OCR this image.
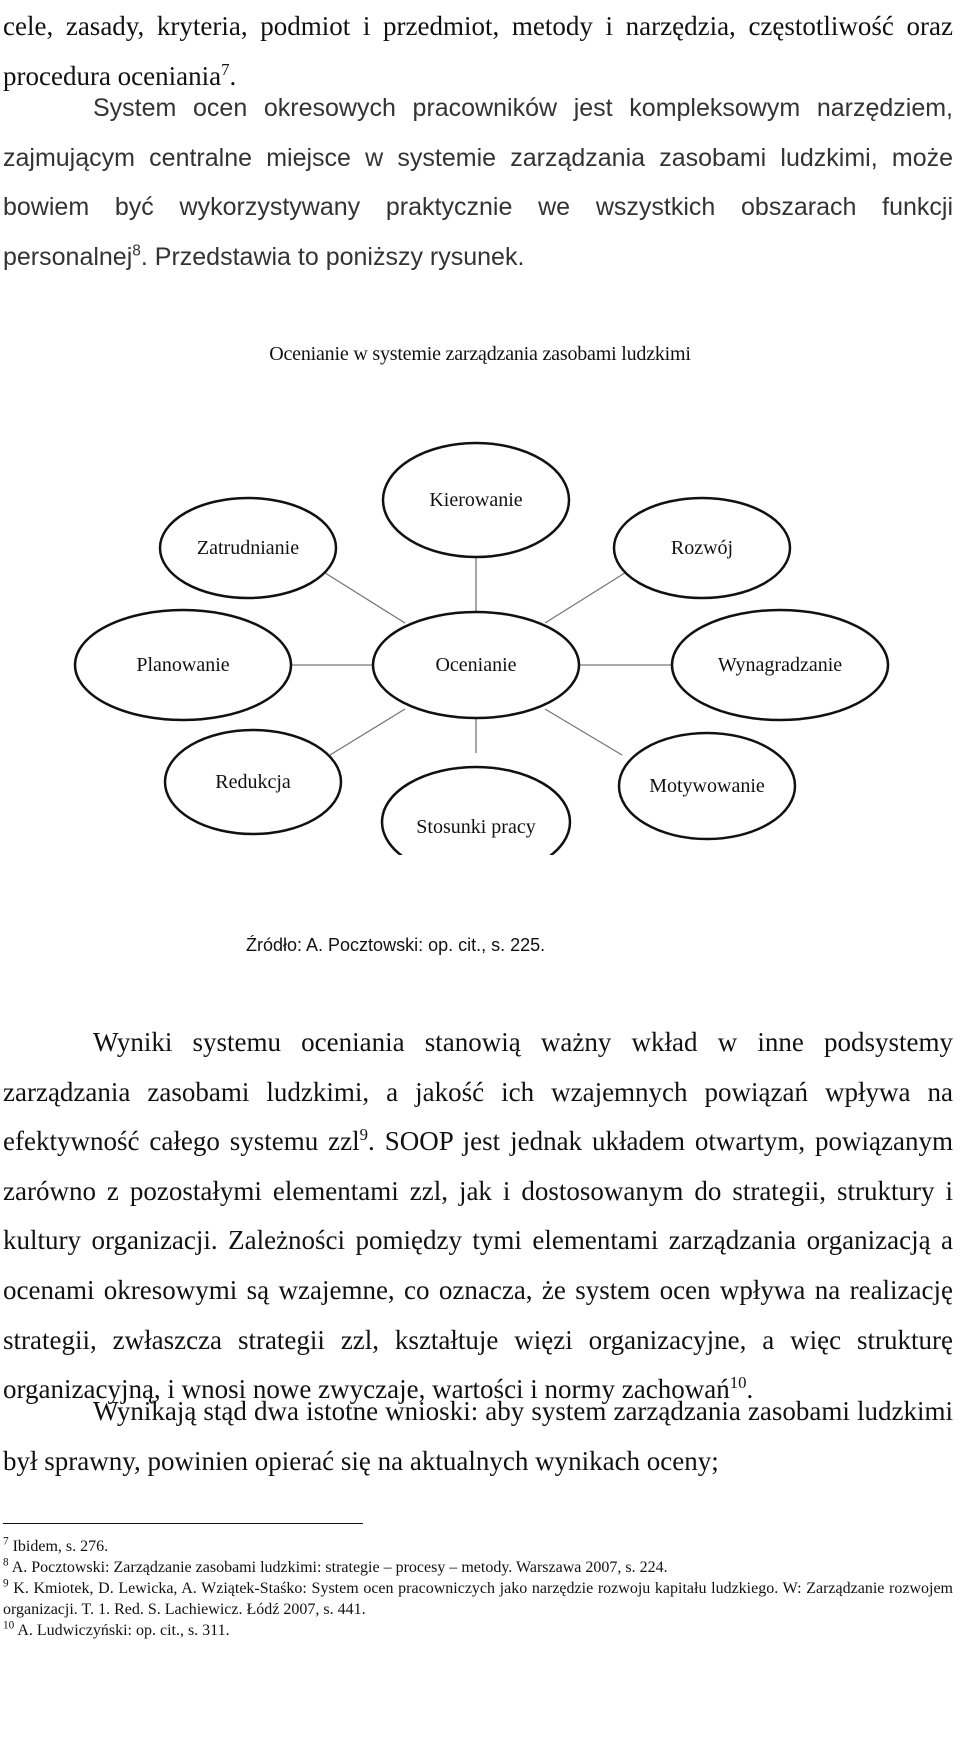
cele, zasady, kryteria, podmiot i przedmiot, metody i narzędzia, częstotliwość oraz procedura oceniania$^7$.

System ocen okresowych pracowników jest kompleksowym narzędziem, zajmującym centralne miejsce w systemie zarządzania zasobami ludzkimi, może bowiem być wykorzystywany praktycznie we wszystkich obszarach funkcji personalnej$^8$. Przedstawia to poniższy rysunek.

Kierowanie
Zatrudnianie	Rozwój
Planowanie	Ocenianie	Wynagradzanie
Redukcja	Motywowanie
Stosunki pracy
Ocenianie w systemie zarządzania zasobami ludzkimi
Źródło: A. Pocztowski: op. cit., s. 225.

Wyniki systemu oceniania stanowią ważny wkład w inne podsystemy zarządzania zasobami ludzkimi, a jakość ich wzajemnych powiązań wpływa na efektywność całego systemu zzl$^9$. SOOP jest jednak układem otwartym, powiązanym zarówno z pozostałymi elementami zzl, jak i dostosowanym do strategii, struktury i kultury organizacji. Zależności pomiędzy tymi elementami zarządzania organizacją a ocenami okresowymi są wzajemne, co oznacza, że system ocen wpływa na realizację strategii, zwłaszcza strategii zzl, kształtuje więzi organizacyjne, a więc strukturę organizacyjną, i wnosi nowe zwyczaje, wartości i normy zachowań$^{10}$.

Wynikają stąd dwa istotne wnioski: aby system zarządzania zasobami ludzkimi był sprawny, powinien opierać się na aktualnych wynikach oceny;

$^7$ Ibidem, s. 276.

$^8$ A. Pocztowski: Zarządzanie zasobami ludzkimi: strategie – procesy – metody. Warszawa 2007, s. 224.

$^9$ K. Kmiotek, D. Lewicka, A. Wziątek-Staśko: System ocen pracowniczych jako narzędzie rozwoju kapitału ludzkiego. W: Zarządzanie rozwojem organizacji. T. 1. Red. S. Lachiewicz. Łódź 2007, s. 441.

$^{10}$ A. Ludwiczyński: op. cit., s. 311.
